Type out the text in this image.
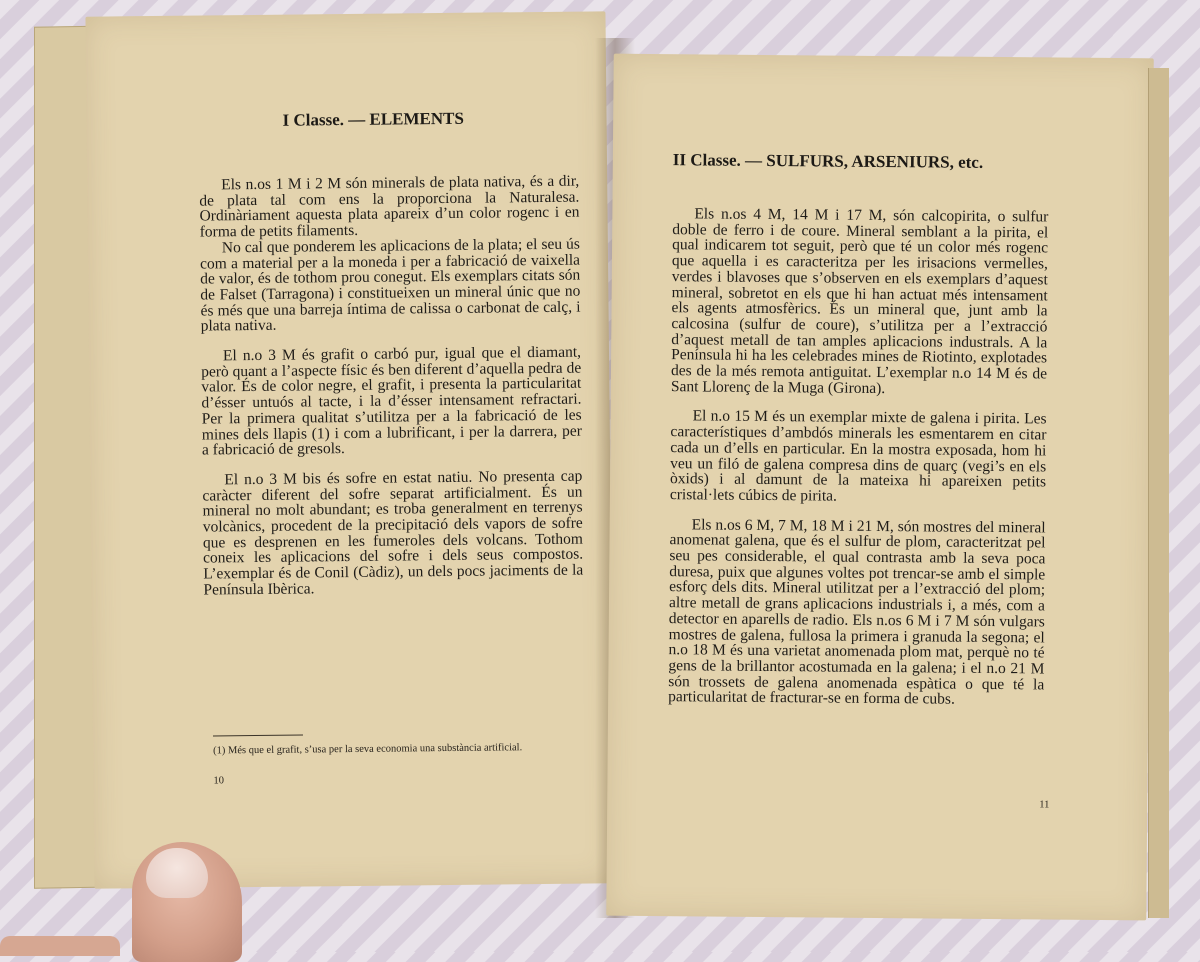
I Classe. — ELEMENTS

Els n.os 1 M i 2 M són minerals de plata nativa, és a dir, de plata tal com ens la proporciona la Naturalesa. Ordinàriament aquesta plata apareix d’un color rogenc i en forma de petits filaments.

No cal que ponderem les aplicacions de la plata; el seu ús com a material per a la moneda i per a fabricació de vaixella de valor, és de tothom prou conegut. Els exemplars citats són de Falset (Tarragona) i constitueixen un mineral únic que no és més que una barreja íntima de calissa o carbonat de calç, i plata nativa.

El n.o 3 M és grafit o carbó pur, igual que el diamant, però quant a l’aspecte físic és ben diferent d’aquella pedra de valor. És de color negre, el grafit, i presenta la particularitat d’ésser untuós al tacte, i la d’ésser intensament refractari. Per la primera qualitat s’utilitza per a la fabricació de les mines dels llapis (1) i com a lubrificant, i per la darrera, per a fabricació de gresols.

El n.o 3 M bis és sofre en estat natiu. No presenta cap caràcter diferent del sofre separat artificialment. És un mineral no molt abundant; es troba generalment en terrenys volcànics, procedent de la precipitació dels vapors de sofre que es desprenen en les fumeroles dels volcans. Tothom coneix les aplicacions del sofre i dels seus compostos. L’exemplar és de Conil (Càdiz), un dels pocs jaciments de la Península Ibèrica.

(1) Més que el grafit, s’usa per la seva economia una substància artificial.
10
II Classe. — SULFURS, ARSENIURS, etc.

Els n.os 4 M, 14 M i 17 M, són calcopirita, o sulfur doble de ferro i de coure. Mineral semblant a la pirita, el qual indicarem tot seguit, però que té un color més rogenc que aquella i es caracteritza per les irisacions vermelles, verdes i blavoses que s’observen en els exemplars d’aquest mineral, sobretot en els que hi han actuat més intensament els agents atmosfèrics. És un mineral que, junt amb la calcosina (sulfur de coure), s’utilitza per a l’extracció d’aquest metall de tan amples aplicacions industrals. A la Península hi ha les celebrades mines de Riotinto, explotades des de la més remota antiguitat. L’exemplar n.o 14 M és de Sant Llorenç de la Muga (Girona).

El n.o 15 M és un exemplar mixte de galena i pirita. Les característiques d’ambdós minerals les esmentarem en citar cada un d’ells en particular. En la mostra exposada, hom hi veu un filó de galena compresa dins de quarç (vegi’s en els òxids) i al damunt de la mateixa hi apareixen petits cristal·lets cúbics de pirita.

Els n.os 6 M, 7 M, 18 M i 21 M, són mostres del mineral anomenat galena, que és el sulfur de plom, caracteritzat pel seu pes considerable, el qual contrasta amb la seva poca duresa, puix que algunes voltes pot trencar-se amb el simple esforç dels dits. Mineral utilitzat per a l’extracció del plom; altre metall de grans aplicacions industrials i, a més, com a detector en aparells de radio. Els n.os 6 M i 7 M són vulgars mostres de galena, fullosa la primera i granuda la segona; el n.o 18 M és una varietat anomenada plom mat, perquè no té gens de la brillantor acostumada en la galena; i el n.o 21 M són trossets de galena anomenada espàtica o que té la particularitat de fracturar-se en forma de cubs.

11
